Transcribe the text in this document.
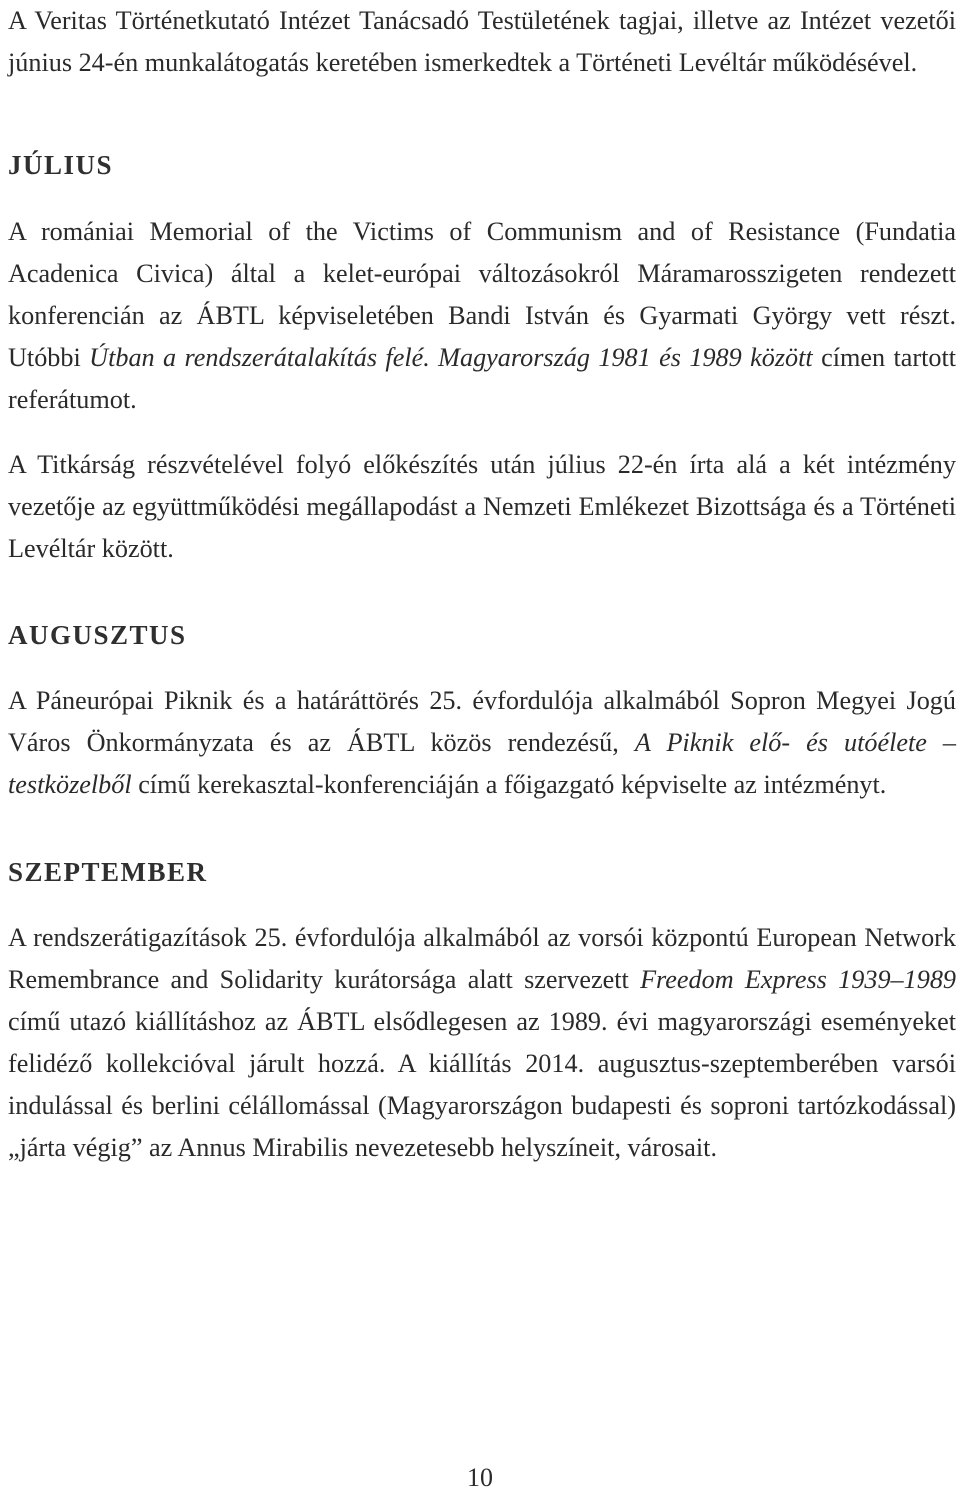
A Veritas Történetkutató Intézet Tanácsadó Testületének tagjai, illetve az Intézet vezetői június 24-én munkalátogatás keretében ismerkedtek a Történeti Levéltár működésével.

JÚLIUS

A romániai Memorial of the Victims of Communism and of Resistance (Fundatia Acadenica Civica) által a kelet-európai változásokról Máramarosszigeten rendezett konferencián az ÁBTL képviseletében Bandi István és Gyarmati György vett részt. Utóbbi Útban a rendszerátalakítás felé. Magyarország 1981 és 1989 között címen tartott referátumot.

A Titkárság részvételével folyó előkészítés után július 22-én írta alá a két intézmény vezetője az együttműködési megállapodást a Nemzeti Emlékezet Bizottsága és a Történeti Levéltár között.

AUGUSZTUS

A Páneurópai Piknik és a határáttörés 25. évfordulója alkalmából Sopron Megyei Jogú Város Önkormányzata és az ÁBTL közös rendezésű, A Piknik elő- és utóélete – testközelből című kerekasztal-konferenciáján a főigazgató képviselte az intézményt.

SZEPTEMBER

A rendszerátigazítások 25. évfordulója alkalmából az vorsói központú European Network Remembrance and Solidarity kurátorsága alatt szervezett Freedom Express 1939–1989 című utazó kiállításhoz az ÁBTL elsődlegesen az 1989. évi magyarországi eseményeket felidéző kollekcióval járult hozzá. A kiállítás 2014. augusztus-szeptemberében varsói indulással és berlini célállomással (Magyarországon budapesti és soproni tartózkodással) „járta végig” az Annus Mirabilis nevezetesebb helyszíneit, városait.

10
